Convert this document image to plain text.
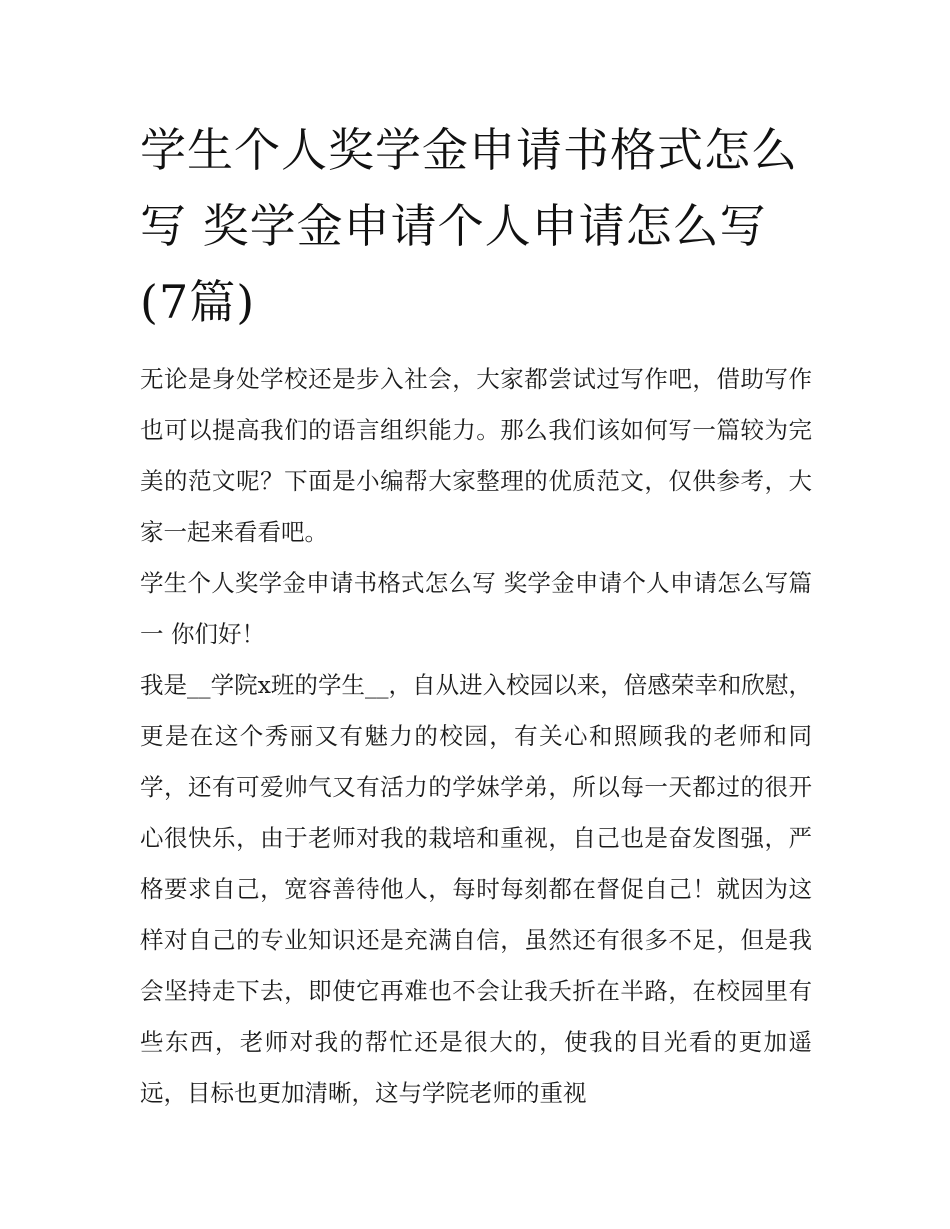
学生个人奖学金申请书格式怎么写 奖学金申请个人申请怎么写(7篇)

无论是身处学校还是步入社会，大家都尝试过写作吧，借助写作也可以提高我们的语言组织能力。那么我们该如何写一篇较为完美的范文呢？下面是小编帮大家整理的优质范文，仅供参考，大家一起来看看吧。

学生个人奖学金申请书格式怎么写 奖学金申请个人申请怎么写篇一 你们好！

我是__学院x班的学生__，自从进入校园以来，倍感荣幸和欣慰，更是在这个秀丽又有魅力的校园，有关心和照顾我的老师和同学，还有可爱帅气又有活力的学妹学弟，所以每一天都过的很开心很快乐，由于老师对我的栽培和重视，自己也是奋发图强，严格要求自己，宽容善待他人，每时每刻都在督促自己！就因为这样对自己的专业知识还是充满自信，虽然还有很多不足，但是我会坚持走下去，即使它再难也不会让我夭折在半路，在校园里有些东西，老师对我的帮忙还是很大的，使我的目光看的更加遥远，目标也更加清晰，这与学院老师的重视
